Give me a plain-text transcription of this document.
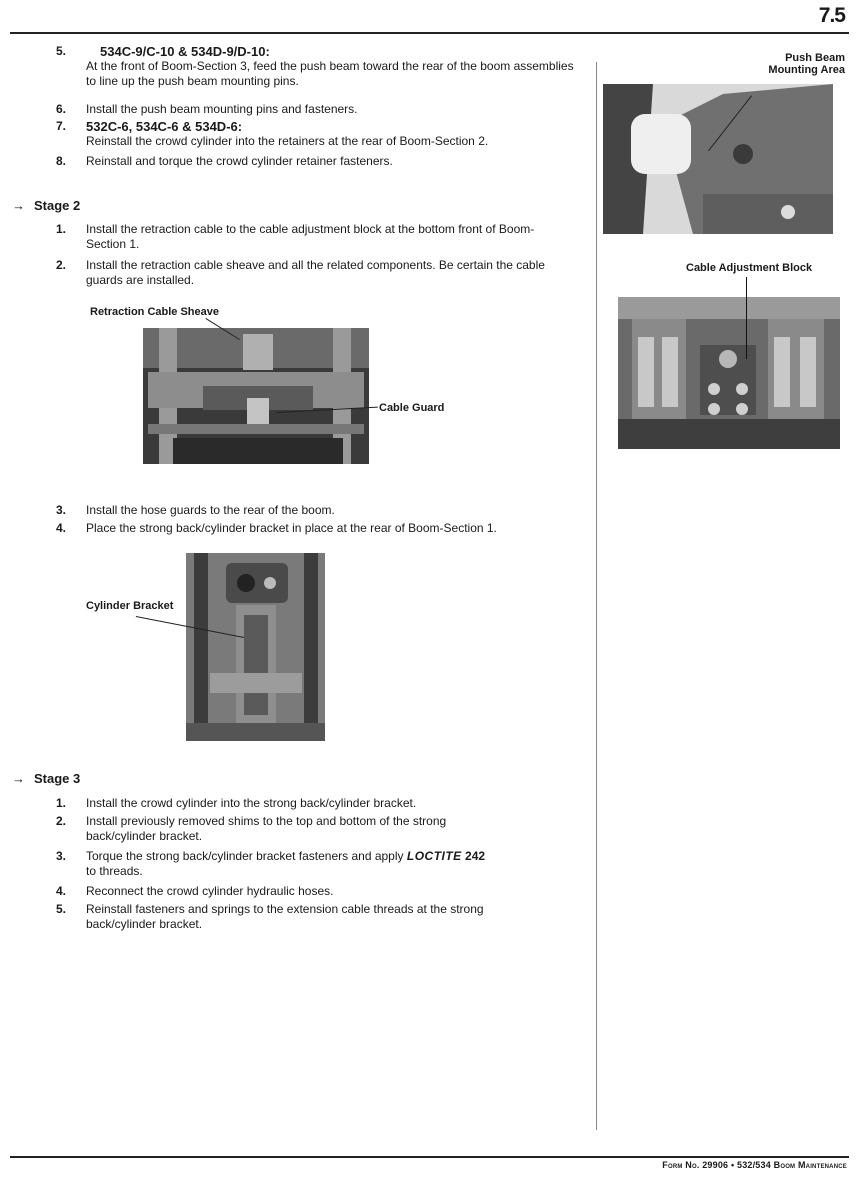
7.5
5.	534C-9/C-10 & 534D-9/D-10:
At the front of Boom-Section 3, feed the push beam toward the rear of the boom assemblies to line up the push beam mounting pins.
6.	Install the push beam mounting pins and fasteners.
7.	532C-6, 534C-6 & 534D-6:
Reinstall the crowd cylinder into the retainers at the rear of Boom-Section 2.
8.	Reinstall and torque the crowd cylinder retainer fasteners.
→ Stage 2
1.	Install the retraction cable to the cable adjustment block at the bottom front of Boom-Section 1.
2.	Install the retraction cable sheave and all the related components. Be certain the cable guards are installed.
Retraction Cable Sheave
Cable Guard
3.	Install the hose guards to the rear of the boom.
4.	Place the strong back/cylinder bracket in place at the rear of Boom-Section 1.
Cylinder Bracket
→ Stage 3
1.	Install the crowd cylinder into the strong back/cylinder bracket.
2.	Install previously removed shims to the top and bottom of the strong back/cylinder bracket.
3.	Torque the strong back/cylinder bracket fasteners and apply LOCTITE 242
to threads.
4.	Reconnect the crowd cylinder hydraulic hoses.
5.	Reinstall fasteners and springs to the extension cable threads at the strong back/cylinder bracket.
Push Beam Mounting Area
Cable Adjustment Block
Form No. 29906 • 532/534 Boom Maintenance
